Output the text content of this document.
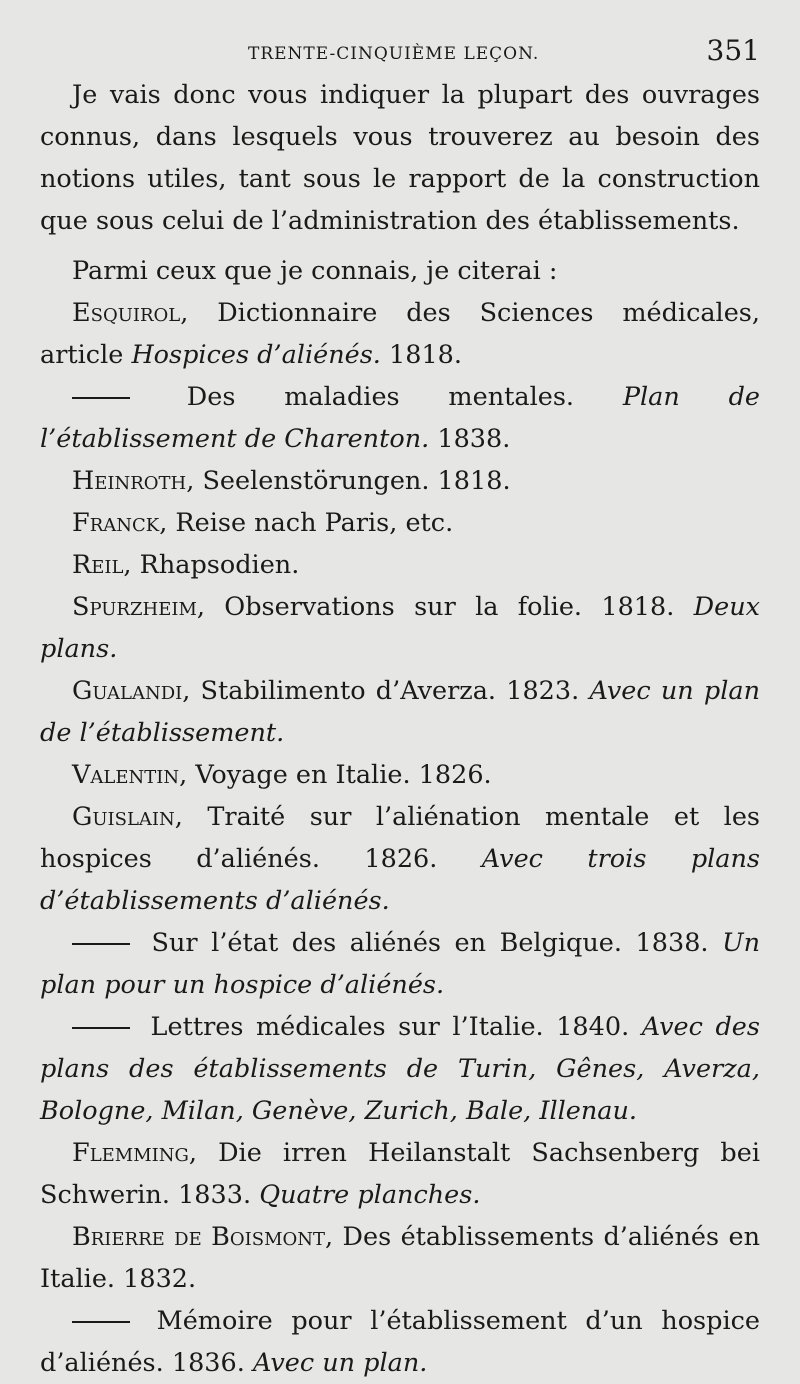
TRENTE-CINQUIÈME LEÇON.	351

Je vais donc vous indiquer la plupart des ouvrages connus, dans lesquels vous trouverez au besoin des notions utiles, tant sous le rapport de la construction que sous celui de l’administration des établissements.

Parmi ceux que je connais, je citerai :

Esquirol, Dictionnaire des Sciences médicales, article Hospices d’aliénés. 1818.

Des maladies mentales. Plan de l’établissement de Charenton. 1838.

Heinroth, Seelenstörungen. 1818.

Franck, Reise nach Paris, etc.

Reil, Rhapsodien.

Spurzheim, Observations sur la folie. 1818. Deux plans.

Gualandi, Stabilimento d’Averza. 1823. Avec un plan de l’établissement.

Valentin, Voyage en Italie. 1826.

Guislain, Traité sur l’aliénation mentale et les hospices d’aliénés. 1826. Avec trois plans d’établissements d’aliénés.

Sur l’état des aliénés en Belgique. 1838. Un plan pour un hospice d’aliénés.

Lettres médicales sur l’Italie. 1840. Avec des plans des établissements de Turin, Gênes, Averza, Bologne, Milan, Genève, Zurich, Bale, Illenau.

Flemming, Die irren Heilanstalt Sachsenberg bei Schwerin. 1833. Quatre planches.

Brierre de Boismont, Des établissements d’aliénés en Italie. 1832.

Mémoire pour l’établissement d’un hospice d’aliénés. 1836. Avec un plan.
